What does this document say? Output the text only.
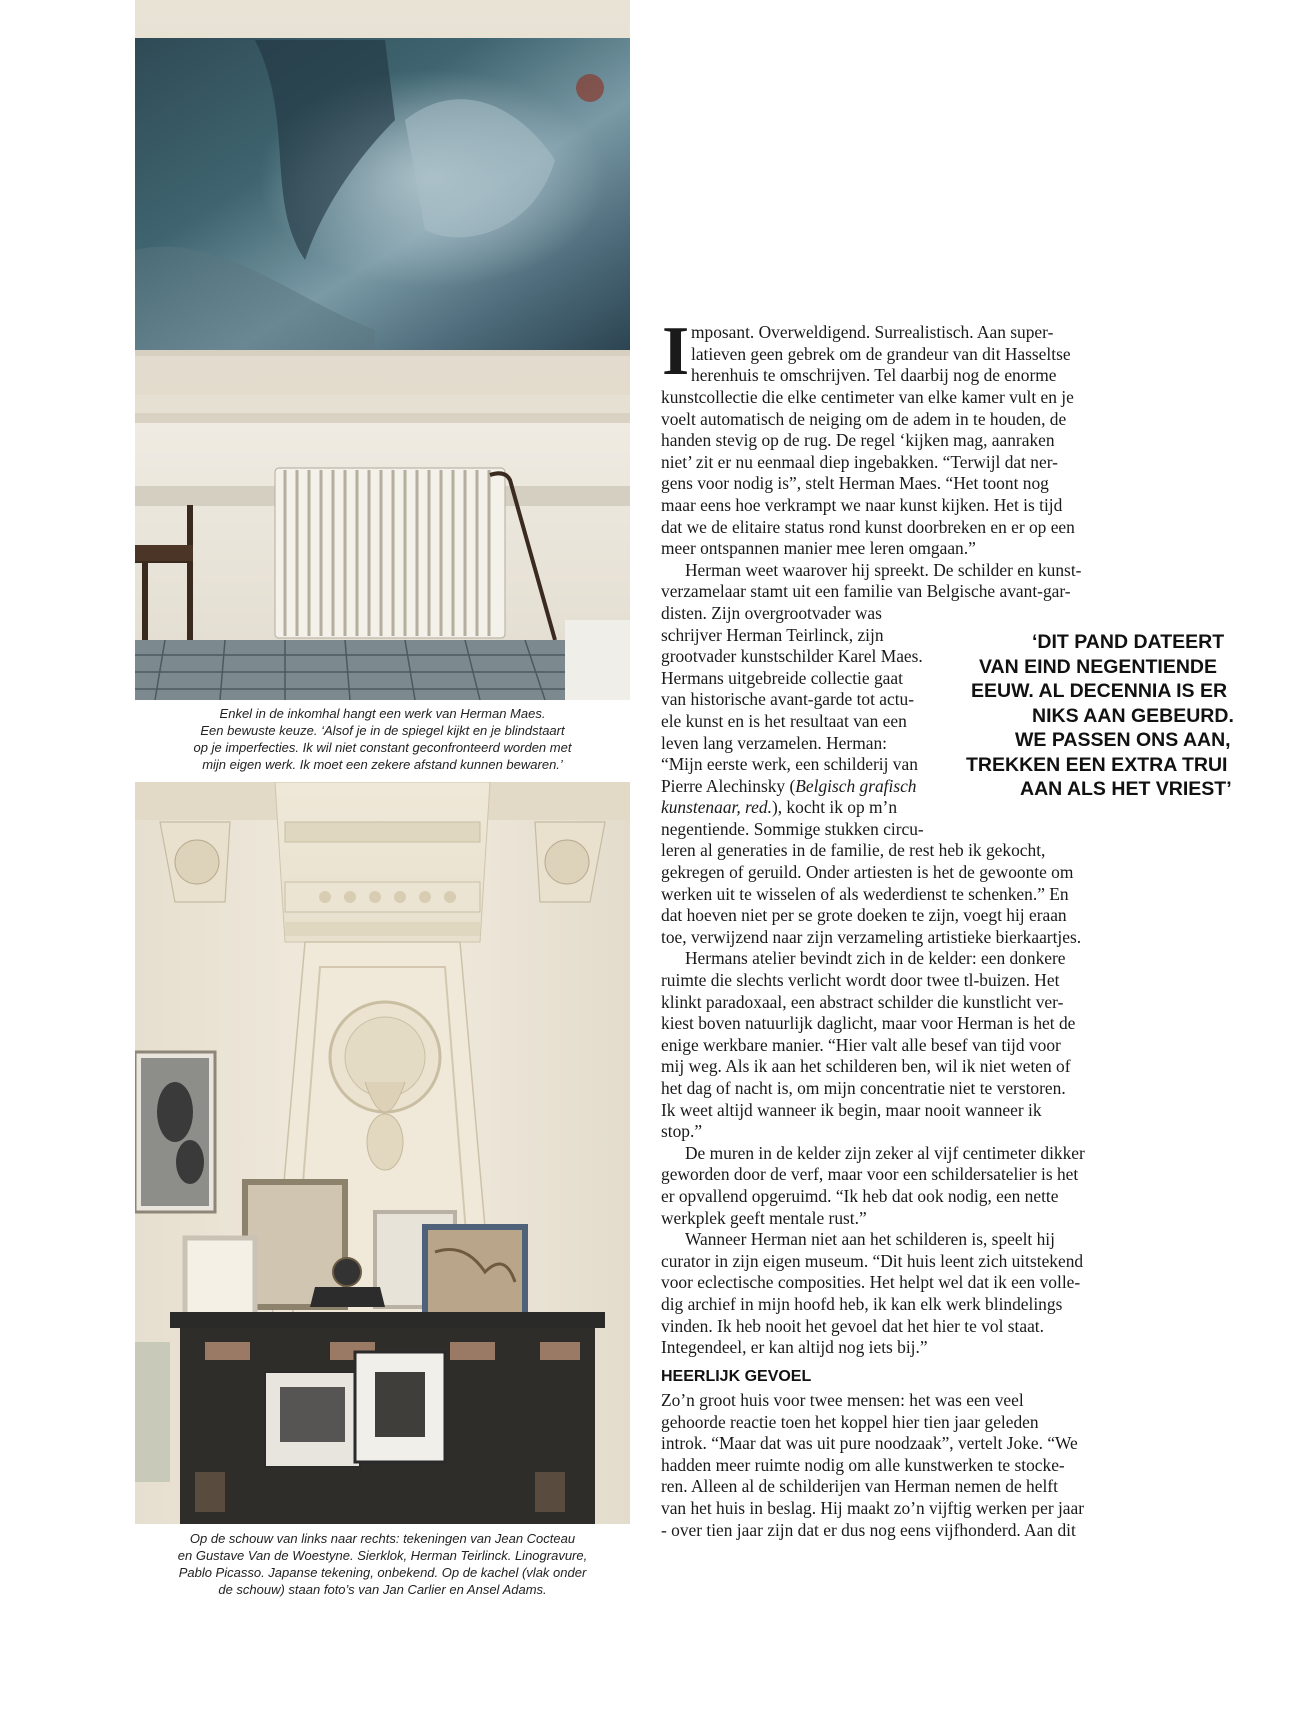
Enkel in de inkomhal hangt een werk van Herman Maes.
Een bewuste keuze. ‘Alsof je in de spiegel kijkt en je blindstaart
op je imperfecties. Ik wil niet constant geconfronteerd worden met
mijn eigen werk. Ik moet een zekere afstand kunnen bewaren.’
Op de schouw van links naar rechts: tekeningen van Jean Cocteau
en Gustave Van de Woestyne. Sierklok, Herman Teirlinck. Linogravure,
Pablo Picasso. Japanse tekening, onbekend. Op de kachel (vlak onder
de schouw) staan foto’s van Jan Carlier en Ansel Adams.
I mposant. Overweldigend. Surrealistisch. Aan super-
latieven geen gebrek om de grandeur van dit Hasseltse
herenhuis te omschrijven. Tel daarbij nog de enorme
kunstcollectie die elke centimeter van elke kamer vult en je
voelt automatisch de neiging om de adem in te houden, de
handen stevig op de rug. De regel ‘kijken mag, aanraken
niet’ zit er nu eenmaal diep ingebakken. “Terwijl dat ner-
gens voor nodig is”, stelt Herman Maes. “Het toont nog
maar eens hoe verkrampt we naar kunst kijken. Het is tijd
dat we de elitaire status rond kunst doorbreken en er op een
meer ontspannen manier mee leren omgaan.”
Herman weet waarover hij spreekt. De schilder en kunst-
verzamelaar stamt uit een familie van Belgische avant-gar-
disten. Zijn overgrootvader was
schrijver Herman Teirlinck, zijn
grootvader kunstschilder Karel Maes.
Hermans uitgebreide collectie gaat
van historische avant-garde tot actu-
ele kunst en is het resultaat van een
leven lang verzamelen. Herman:
“Mijn eerste werk, een schilderij van
Pierre Alechinsky (Belgisch grafisch
kunstenaar, red.), kocht ik op m’n
negentiende. Sommige stukken circu-
leren al generaties in de familie, de rest heb ik gekocht,
gekregen of geruild. Onder artiesten is het de gewoonte om
werken uit te wisselen of als wederdienst te schenken.” En
dat hoeven niet per se grote doeken te zijn, voegt hij eraan
toe, verwijzend naar zijn verzameling artistieke bierkaartjes.
Hermans atelier bevindt zich in de kelder: een donkere
ruimte die slechts verlicht wordt door twee tl-buizen. Het
klinkt paradoxaal, een abstract schilder die kunstlicht ver-
kiest boven natuurlijk daglicht, maar voor Herman is het de
enige werkbare manier. “Hier valt alle besef van tijd voor
mij weg. Als ik aan het schilderen ben, wil ik niet weten of
het dag of nacht is, om mijn concentratie niet te verstoren.
Ik weet altijd wanneer ik begin, maar nooit wanneer ik
stop.”
De muren in de kelder zijn zeker al vijf centimeter dikker
geworden door de verf, maar voor een schildersatelier is het
er opvallend opgeruimd. “Ik heb dat ook nodig, een nette
werkplek geeft mentale rust.”
Wanneer Herman niet aan het schilderen is, speelt hij
curator in zijn eigen museum. “Dit huis leent zich uitstekend
voor eclectische composities. Het helpt wel dat ik een volle-
dig archief in mijn hoofd heb, ik kan elk werk blindelings
vinden. Ik heb nooit het gevoel dat het hier te vol staat.
Integendeel, er kan altijd nog iets bij.”
HEERLIJK GEVOEL
Zo’n groot huis voor twee mensen: het was een veel
gehoorde reactie toen het koppel hier tien jaar geleden
introk. “Maar dat was uit pure noodzaak”, vertelt Joke. “We
hadden meer ruimte nodig om alle kunstwerken te stocke-
ren. Alleen al de schilderijen van Herman nemen de helft
van het huis in beslag. Hij maakt zo’n vijftig werken per jaar
- over tien jaar zijn dat er dus nog eens vijfhonderd. Aan dit
‘DIT PAND DATEERT
VAN EIND NEGENTIENDE
EEUW. AL DECENNIA IS ER
NIKS AAN GEBEURD.
WE PASSEN ONS AAN,
TREKKEN EEN EXTRA TRUI
AAN ALS HET VRIEST’
